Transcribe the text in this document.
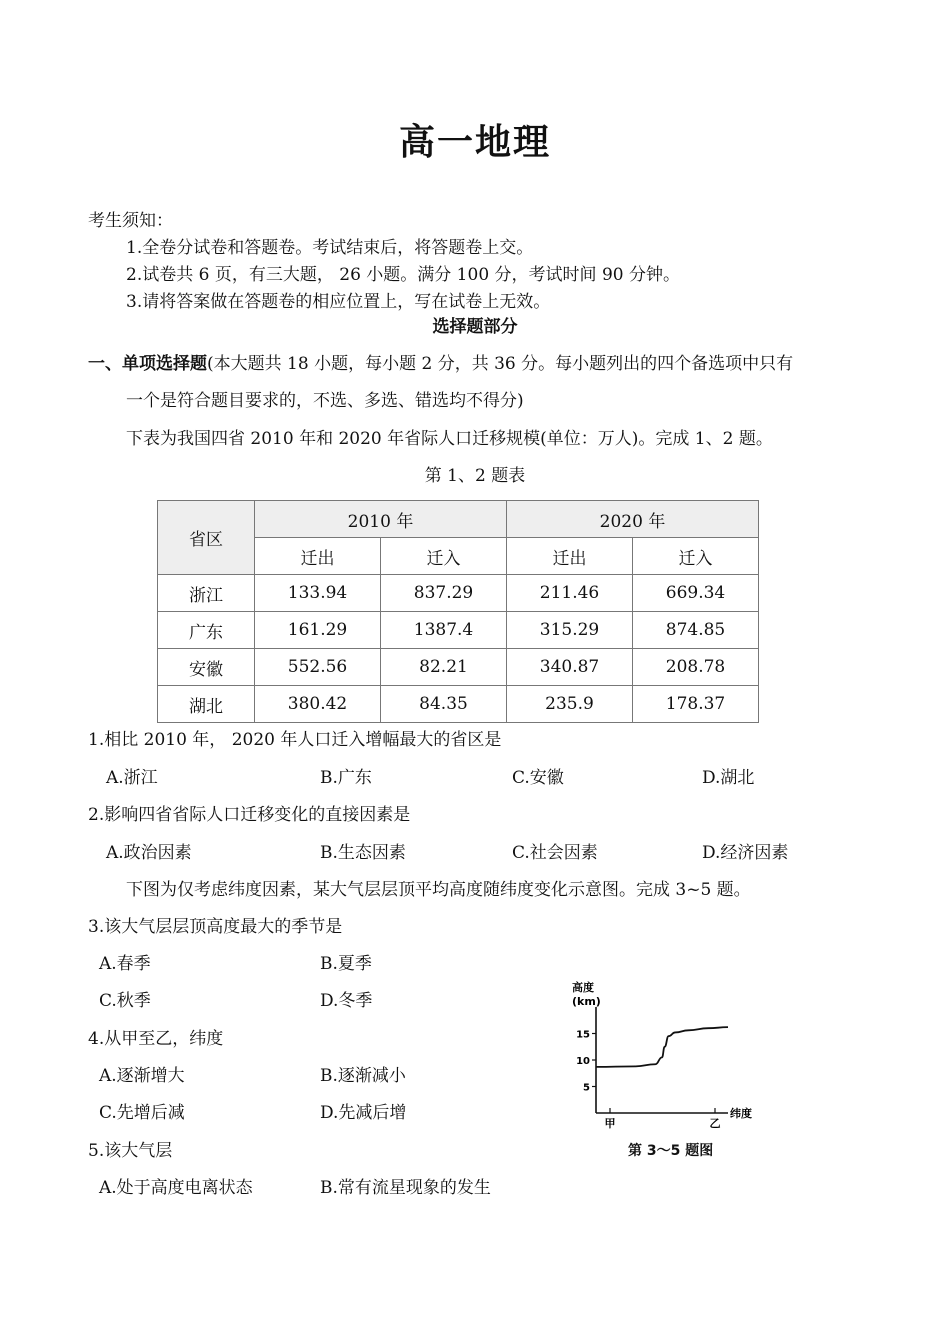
高一地理
考生须知：
1.全卷分试卷和答题卷。考试结束后，将答题卷上交。
2.试卷共 6 页，有三大题， 26 小题。满分 100 分，考试时间 90 分钟。
3.请将答案做在答题卷的相应位置上，写在试卷上无效。
选择题部分
一、单项选择题(本大题共 18 小题，每小题 2 分，共 36 分。每小题列出的四个备选项中只有
一个是符合题目要求的，不选、多选、错选均不得分)
下表为我国四省 2010 年和 2020 年省际人口迁移规模(单位：万人)。完成 1、2 题。
第 1、2 题表
省区	2010 年		2020 年	
	迁出	迁入	迁出	迁入
浙江	133.94	837.29	211.46	669.34
广东	161.29	1387.4	315.29	874.85
安徽	552.56	82.21	340.87	208.78
湖北	380.42	84.35	235.9	178.37
1.相比 2010 年， 2020 年人口迁入增幅最大的省区是
A.浙江	B.广东	C.安徽	D.湖北
2.影响四省省际人口迁移变化的直接因素是
A.政治因素	B.生态因素	C.社会因素	D.经济因素
下图为仅考虑纬度因素，某大气层层顶平均高度随纬度变化示意图。完成 3~5 题。
3.该大气层层顶高度最大的季节是
A.春季	B.夏季
C.秋季	D.冬季
4.从甲至乙，纬度
A.逐渐增大	B.逐渐减小
C.先增后减	D.先减后增
5.该大气层
A.处于高度电离状态	B.常有流星现象的发生
高度
(km)
纬度
5
10
15
甲	乙
第 3～5 题图
